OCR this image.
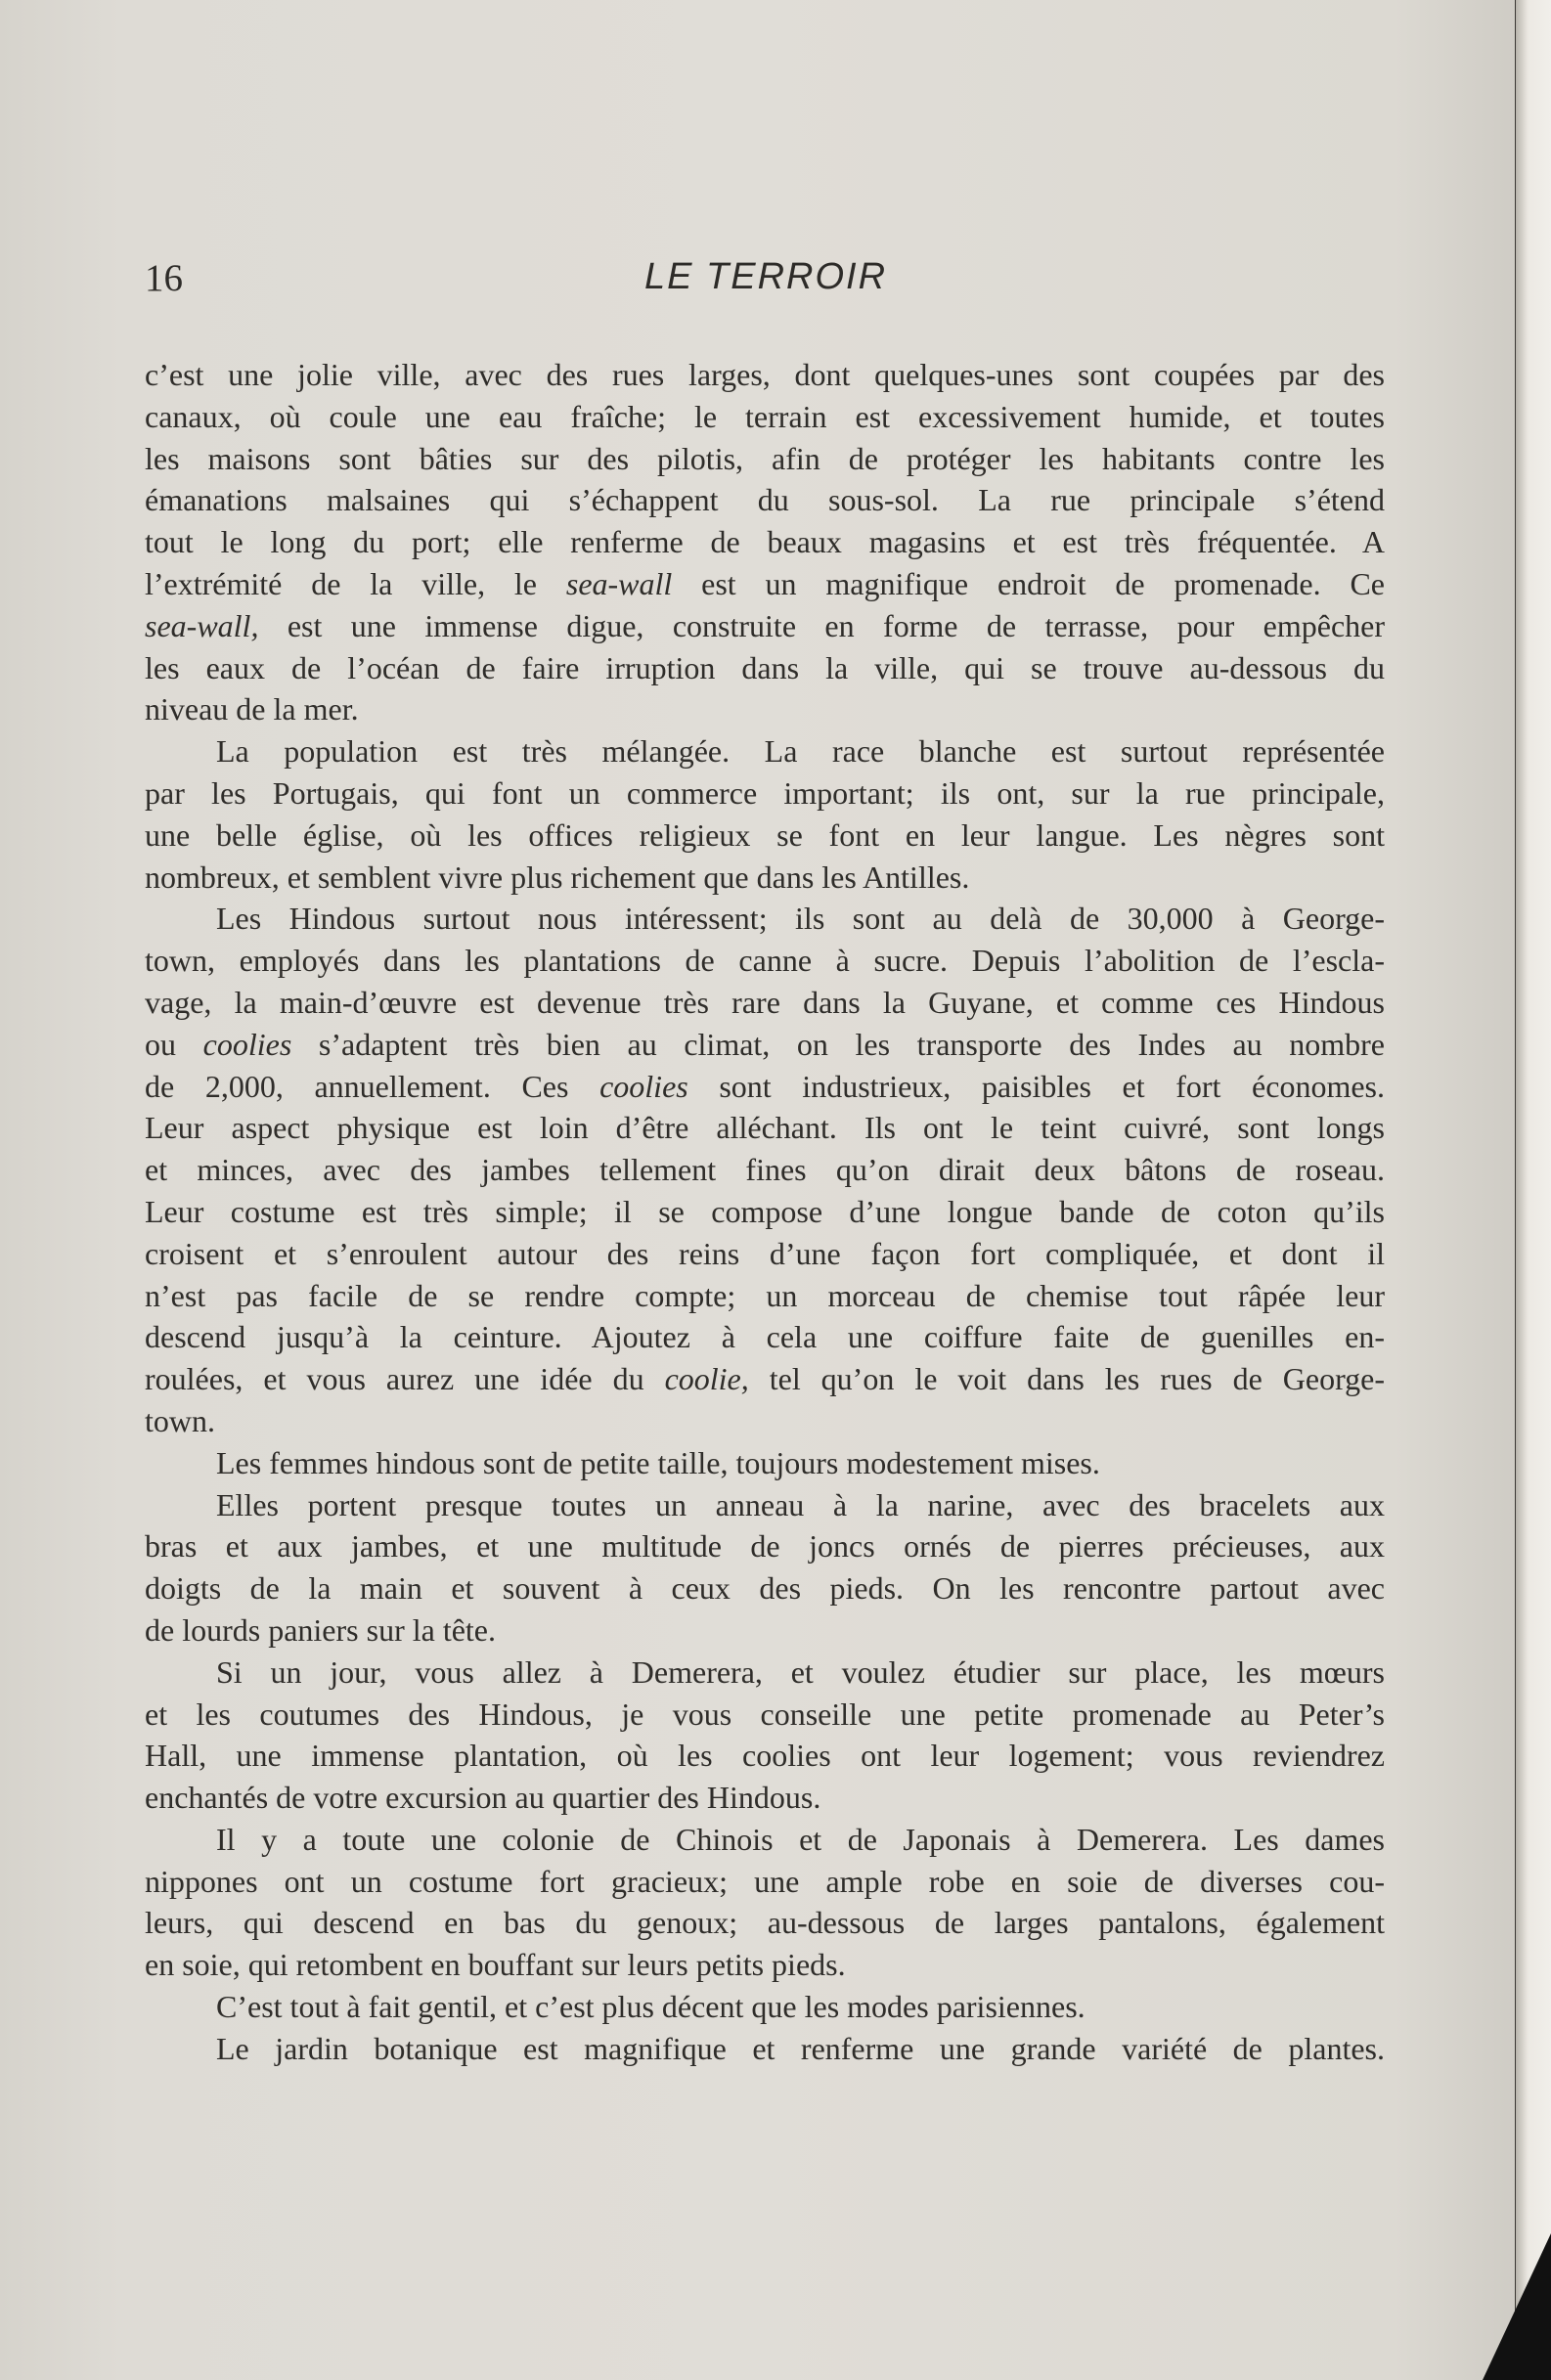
16	LE TERROIR
c’est une jolie ville, avec des rues larges, dont quelques-unes sont coupées par des
canaux, où coule une eau fraîche; le terrain est excessivement humide, et toutes
les maisons sont bâties sur des pilotis, afin de protéger les habitants contre les
émanations malsaines qui s’échappent du sous-sol. La rue principale s’étend
tout le long du port; elle renferme de beaux magasins et est très fréquentée. A
l’extrémité de la ville, le sea-wall est un magnifique endroit de promenade. Ce
sea-wall, est une immense digue, construite en forme de terrasse, pour empêcher
les eaux de l’océan de faire irruption dans la ville, qui se trouve au-dessous du
niveau de la mer.
La population est très mélangée. La race blanche est surtout représentée
par les Portugais, qui font un commerce important; ils ont, sur la rue principale,
une belle église, où les offices religieux se font en leur langue. Les nègres sont
nombreux, et semblent vivre plus richement que dans les Antilles.
Les Hindous surtout nous intéressent; ils sont au delà de 30,000 à George-
town, employés dans les plantations de canne à sucre. Depuis l’abolition de l’escla-
vage, la main-d’œuvre est devenue très rare dans la Guyane, et comme ces Hindous
ou coolies s’adaptent très bien au climat, on les transporte des Indes au nombre
de 2,000, annuellement. Ces coolies sont industrieux, paisibles et fort économes.
Leur aspect physique est loin d’être alléchant. Ils ont le teint cuivré, sont longs
et minces, avec des jambes tellement fines qu’on dirait deux bâtons de roseau.
Leur costume est très simple; il se compose d’une longue bande de coton qu’ils
croisent et s’enroulent autour des reins d’une façon fort compliquée, et dont il
n’est pas facile de se rendre compte; un morceau de chemise tout râpée leur
descend jusqu’à la ceinture. Ajoutez à cela une coiffure faite de guenilles en-
roulées, et vous aurez une idée du coolie, tel qu’on le voit dans les rues de George-
town.
Les femmes hindous sont de petite taille, toujours modestement mises.
Elles portent presque toutes un anneau à la narine, avec des bracelets aux
bras et aux jambes, et une multitude de joncs ornés de pierres précieuses, aux
doigts de la main et souvent à ceux des pieds. On les rencontre partout avec
de lourds paniers sur la tête.
Si un jour, vous allez à Demerera, et voulez étudier sur place, les mœurs
et les coutumes des Hindous, je vous conseille une petite promenade au Peter’s
Hall, une immense plantation, où les coolies ont leur logement; vous reviendrez
enchantés de votre excursion au quartier des Hindous.
Il y a toute une colonie de Chinois et de Japonais à Demerera. Les dames
nippones ont un costume fort gracieux; une ample robe en soie de diverses cou-
leurs, qui descend en bas du genoux; au-dessous de larges pantalons, également
en soie, qui retombent en bouffant sur leurs petits pieds.
C’est tout à fait gentil, et c’est plus décent que les modes parisiennes.
Le jardin botanique est magnifique et renferme une grande variété de plantes.
